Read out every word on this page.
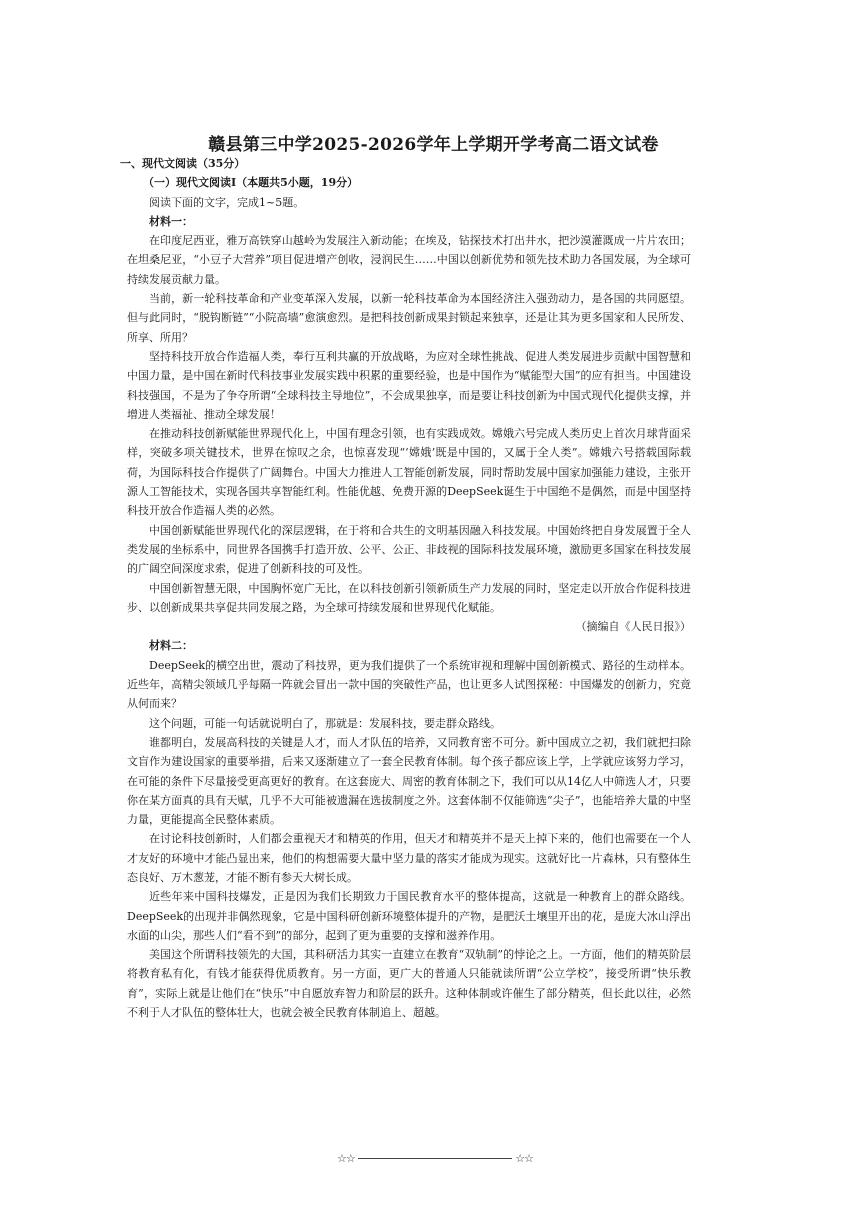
赣县第三中学2025-2026学年上学期开学考高二语文试卷
一、现代文阅读（35分）
（一）现代文阅读Ⅰ（本题共5小题，19分）
阅读下面的文字，完成1~5题。
材料一：

在印度尼西亚，雅万高铁穿山越岭为发展注入新动能；在埃及，钻探技术打出井水，把沙漠灌溉成一片片农田；在坦桑尼亚，“小豆子大营养”项目促进增产创收，浸润民生……中国以创新优势和领先技术助力各国发展，为全球可持续发展贡献力量。

当前，新一轮科技革命和产业变革深入发展，以新一轮科技革命为本国经济注入强劲动力，是各国的共同愿望。但与此同时，“脱钩断链”“小院高墙”愈演愈烈。是把科技创新成果封锁起来独享，还是让其为更多国家和人民所发、所享、所用？

坚持科技开放合作造福人类，奉行互利共赢的开放战略，为应对全球性挑战、促进人类发展进步贡献中国智慧和中国力量，是中国在新时代科技事业发展实践中积累的重要经验，也是中国作为“赋能型大国”的应有担当。中国建设科技强国，不是为了争夺所谓“全球科技主导地位”，不会成果独享，而是要让科技创新为中国式现代化提供支撑，并增进人类福祉、推动全球发展！

在推动科技创新赋能世界现代化上，中国有理念引领，也有实践成效。嫦娥六号完成人类历史上首次月球背面采样，突破多项关键技术，世界在惊叹之余，也惊喜发现“‘嫦娥’既是中国的，又属于全人类”。嫦娥六号搭载国际载荷，为国际科技合作提供了广阔舞台。中国大力推进人工智能创新发展，同时帮助发展中国家加强能力建设，主张开源人工智能技术，实现各国共享智能红利。性能优越、免费开源的DeepSeek诞生于中国绝不是偶然，而是中国坚持科技开放合作造福人类的必然。

中国创新赋能世界现代化的深层逻辑，在于将和合共生的文明基因融入科技发展。中国始终把自身发展置于全人类发展的坐标系中，同世界各国携手打造开放、公平、公正、非歧视的国际科技发展环境，激励更多国家在科技发展的广阔空间深度求索，促进了创新科技的可及性。

中国创新智慧无限，中国胸怀宽广无比，在以科技创新引领新质生产力发展的同时，坚定走以开放合作促科技进步、以创新成果共享促共同发展之路，为全球可持续发展和世界现代化赋能。

（摘编自《人民日报》）
材料二：

DeepSeek的横空出世，震动了科技界，更为我们提供了一个系统审视和理解中国创新模式、路径的生动样本。近些年，高精尖领域几乎每隔一阵就会冒出一款中国的突破性产品，也让更多人试图探秘：中国爆发的创新力，究竟从何而来？

这个问题，可能一句话就说明白了，那就是：发展科技，要走群众路线。

谁都明白，发展高科技的关键是人才，而人才队伍的培养，又同教育密不可分。新中国成立之初，我们就把扫除文盲作为建设国家的重要举措，后来又逐渐建立了一套全民教育体制。每个孩子都应该上学，上学就应该努力学习，在可能的条件下尽量接受更高更好的教育。在这套庞大、周密的教育体制之下，我们可以从14亿人中筛选人才，只要你在某方面真的具有天赋，几乎不大可能被遗漏在选拔制度之外。这套体制不仅能筛选“尖子”，也能培养大量的中坚力量，更能提高全民整体素质。

在讨论科技创新时，人们都会重视天才和精英的作用，但天才和精英并不是天上掉下来的，他们也需要在一个人才友好的环境中才能凸显出来，他们的构想需要大量中坚力量的落实才能成为现实。这就好比一片森林，只有整体生态良好、万木葱茏，才能不断有参天大树长成。

近些年来中国科技爆发，正是因为我们长期致力于国民教育水平的整体提高，这就是一种教育上的群众路线。DeepSeek的出现并非偶然现象，它是中国科研创新环境整体提升的产物，是肥沃土壤里开出的花，是庞大冰山浮出水面的山尖，那些人们“看不到”的部分，起到了更为重要的支撑和滋养作用。

美国这个所谓科技领先的大国，其科研活力其实一直建立在教育“双轨制”的悖论之上。一方面，他们的精英阶层将教育私有化，有钱才能获得优质教育。另一方面，更广大的普通人只能就读所谓“公立学校”，接受所谓“快乐教育”，实际上就是让他们在“快乐”中自愿放弃智力和阶层的跃升。这种体制或许催生了部分精英，但长此以往，必然不利于人才队伍的整体壮大，也就会被全民教育体制追上、超越。

☆☆	☆☆
